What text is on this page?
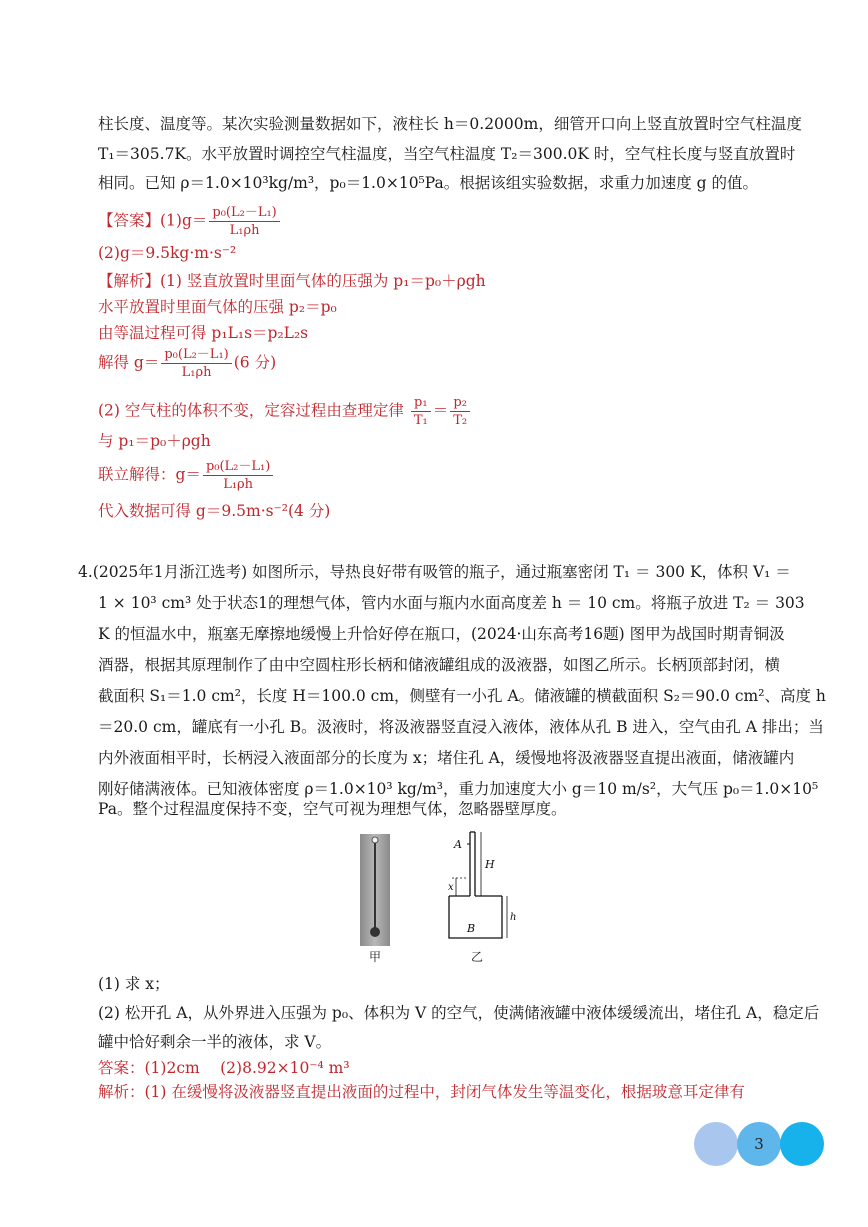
柱长度、温度等。某次实验测量数据如下，液柱长 h＝0.2000m，细管开口向上竖直放置时空气柱温度
T₁＝305.7K。水平放置时调控空气柱温度，当空气柱温度 T₂＝300.0K 时，空气柱长度与竖直放置时
相同。已知 ρ＝1.0×10³kg/m³，p₀＝1.0×10⁵Pa。根据该组实验数据，求重力加速度 g 的值。
【答案】$(1)g= \frac{\text{p₀(L₂－L₁)}}{\text{L₁ρh}}$
(2)g＝9.5kg·m·s⁻²
【解析】(1) 竖直放置时里面气体的压强为 p₁＝p₀＋ρgh
水平放置时里面气体的压强 p₂＝p₀
由等温过程可得 p₁L₁s＝p₂L₂s
解得 $g= \frac{\text{p₀(L₂－L₁)}}{\text{L₁ρh}} (6$ 分)
(2) 空气柱的体积不变，定容过程由查理定律 $\frac{\text{p₁}}{\text{T₁}} = \frac{\text{p₂}}{\text{T₂}}$
与 p₁＝p₀＋ρgh
联立解得：$g= \frac{\text{p₀(L₂－L₁)}}{\text{L₁ρh}}$
代入数据可得 g＝9.5m·s⁻²(4 分)
4.(2025年1月浙江选考) 如图所示，导热良好带有吸管的瓶子，通过瓶塞密闭 T₁ ＝ 300 K，体积 V₁ ＝
1 × 10³ cm³ 处于状态1的理想气体，管内水面与瓶内水面高度差 h ＝ 10 cm。将瓶子放进 T₂ ＝ 303
K 的恒温水中，瓶塞无摩擦地缓慢上升恰好停在瓶口，(2024·山东高考16题) 图甲为战国时期青铜汲
酒器，根据其原理制作了由中空圆柱形长柄和储液罐组成的汲液器，如图乙所示。长柄顶部封闭，横
截面积 S₁＝1.0 cm²，长度 H＝100.0 cm，侧壁有一小孔 A。储液罐的横截面积 S₂＝90.0 cm²、高度 h
＝20.0 cm，罐底有一小孔 B。汲液时，将汲液器竖直浸入液体，液体从孔 B 进入，空气由孔 A 排出；当
内外液面相平时，长柄浸入液面部分的长度为 x；堵住孔 A，缓慢地将汲液器竖直提出液面，储液罐内
刚好储满液体。已知液体密度 ρ＝1.0×10³ kg/m³，重力加速度大小 g＝10 m/s²，大气压 p₀＝1.0×10⁵
Pa。整个过程温度保持不变，空气可视为理想气体，忽略器壁厚度。
甲
A
H
x
h
B
乙
(1) 求 x；
(2) 松开孔 A，从外界进入压强为 p₀、体积为 V 的空气，使满储液罐中液体缓缓流出，堵住孔 A，稳定后
罐中恰好剩余一半的液体，求 V。
答案：(1)2cm　 (2)8.92×10⁻⁴ m³
解析：(1) 在缓慢将汲液器竖直提出液面的过程中，封闭气体发生等温变化，根据玻意耳定律有
3
